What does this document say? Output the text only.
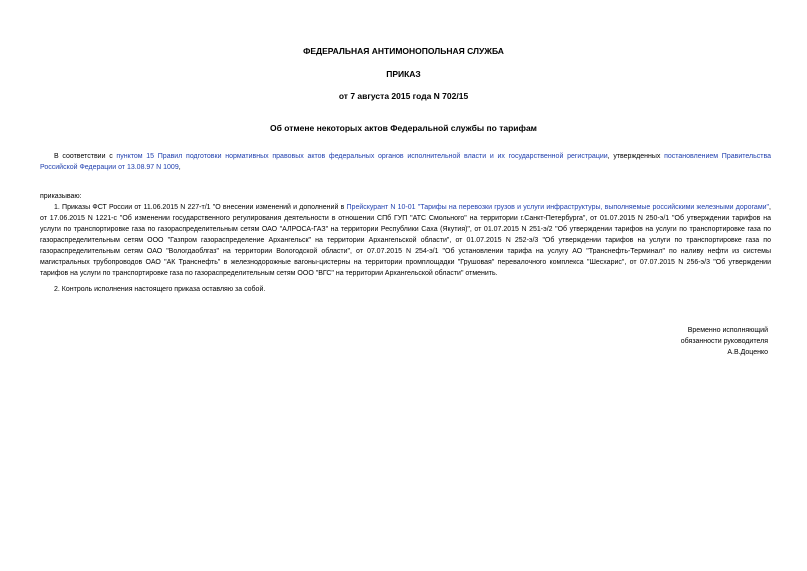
ФЕДЕРАЛЬНАЯ АНТИМОНОПОЛЬНАЯ СЛУЖБА
ПРИКАЗ
от 7 августа 2015 года N 702/15
Об отмене некоторых актов Федеральной службы по тарифам
В соответствии с пунктом 15 Правил подготовки нормативных правовых актов федеральных органов исполнительной власти и их государственной регистрации, утвержденных постановлением Правительства Российской Федерации от 13.08.97 N 1009,
приказываю:
1. Приказы ФСТ России от 11.06.2015 N 227-т/1 "О внесении изменений и дополнений в Прейскурант N 10-01 "Тарифы на перевозки грузов и услуги инфраструктуры, выполняемые российскими железными дорогами", от 17.06.2015 N 1221-с "Об изменении государственного регулирования деятельности в отношении СПб ГУП "АТС Смольного" на территории г.Санкт-Петербурга", от 01.07.2015 N 250-э/1 "Об утверждении тарифов на услуги по транспортировке газа по газораспределительным сетям ОАО "АЛРОСА-ГАЗ" на территории Республики Саха (Якутия)", от 01.07.2015 N 251-э/2 "Об утверждении тарифов на услуги по транспортировке газа по газораспределительным сетям ООО "Газпром газораспределение Архангельск" на территории Архангельской области", от 01.07.2015 N 252-э/3 "Об утверждении тарифов на услуги по транспортировке газа по газораспределительным сетям ОАО "Вологдаоблгаз" на территории Вологодской области", от 07.07.2015 N 254-э/1 "Об установлении тарифа на услугу АО "Транснефть-Терминал" по наливу нефти из системы магистральных трубопроводов ОАО "АК Транснефть" в железнодорожные вагоны-цистерны на территории промплощадки "Грушовая" перевалочного комплекса "Шесхарис", от 07.07.2015 N 256-э/3 "Об утверждении тарифов на услуги по транспортировке газа по газораспределительным сетям ООО "ВГС" на территории Архангельской области" отменить.
2. Контроль исполнения настоящего приказа оставляю за собой.
Временно исполняющий
обязанности руководителя
А.В.Доценко
